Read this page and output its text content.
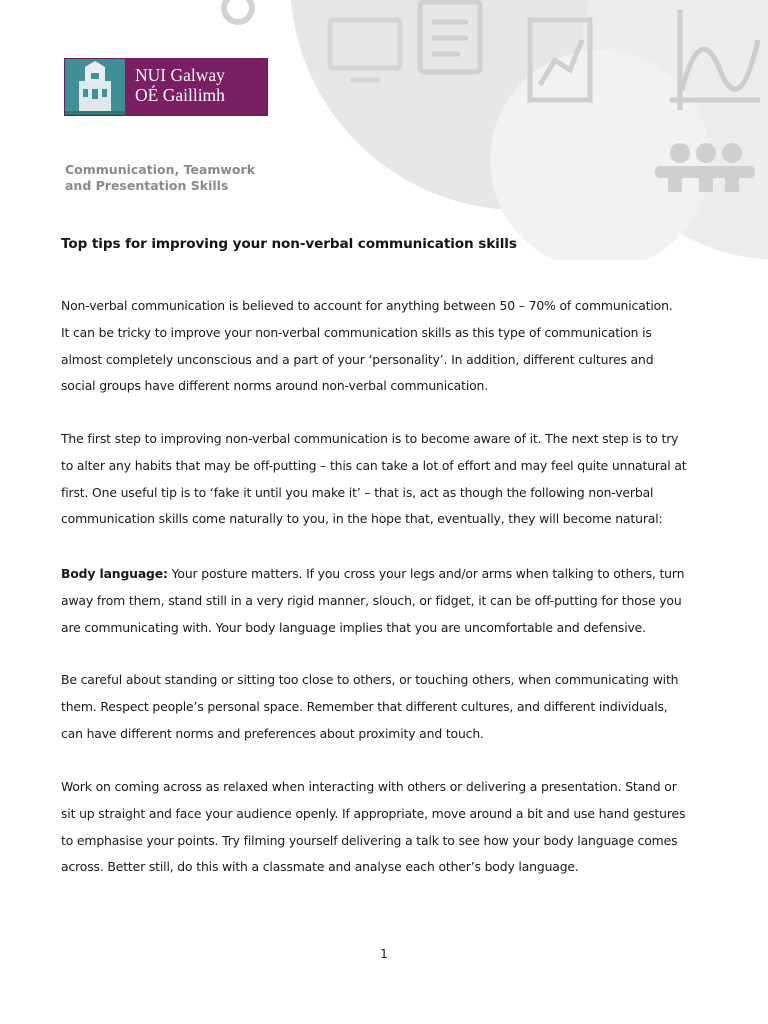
NUI Galway
OÉ Gaillimh
Communication, Teamwork
and Presentation Skills
Top tips for improving your non-verbal communication skills
Non-verbal communication is believed to account for anything between 50 – 70% of communication.
It can be tricky to improve your non-verbal communication skills as this type of communication is
almost completely unconscious and a part of your ‘personality’. In addition, different cultures and
social groups have different norms around non-verbal communication.
The first step to improving non-verbal communication is to become aware of it. The next step is to try
to alter any habits that may be off-putting – this can take a lot of effort and may feel quite unnatural at
first. One useful tip is to ‘fake it until you make it’ – that is, act as though the following non-verbal
communication skills come naturally to you, in the hope that, eventually, they will become natural:
Body language: Your posture matters. If you cross your legs and/or arms when talking to others, turn
away from them, stand still in a very rigid manner, slouch, or fidget, it can be off-putting for those you
are communicating with. Your body language implies that you are uncomfortable and defensive.
Be careful about standing or sitting too close to others, or touching others, when communicating with
them. Respect people’s personal space. Remember that different cultures, and different individuals,
can have different norms and preferences about proximity and touch.
Work on coming across as relaxed when interacting with others or delivering a presentation. Stand or
sit up straight and face your audience openly. If appropriate, move around a bit and use hand gestures
to emphasise your points. Try filming yourself delivering a talk to see how your body language comes
across. Better still, do this with a classmate and analyse each other’s body language.
1
